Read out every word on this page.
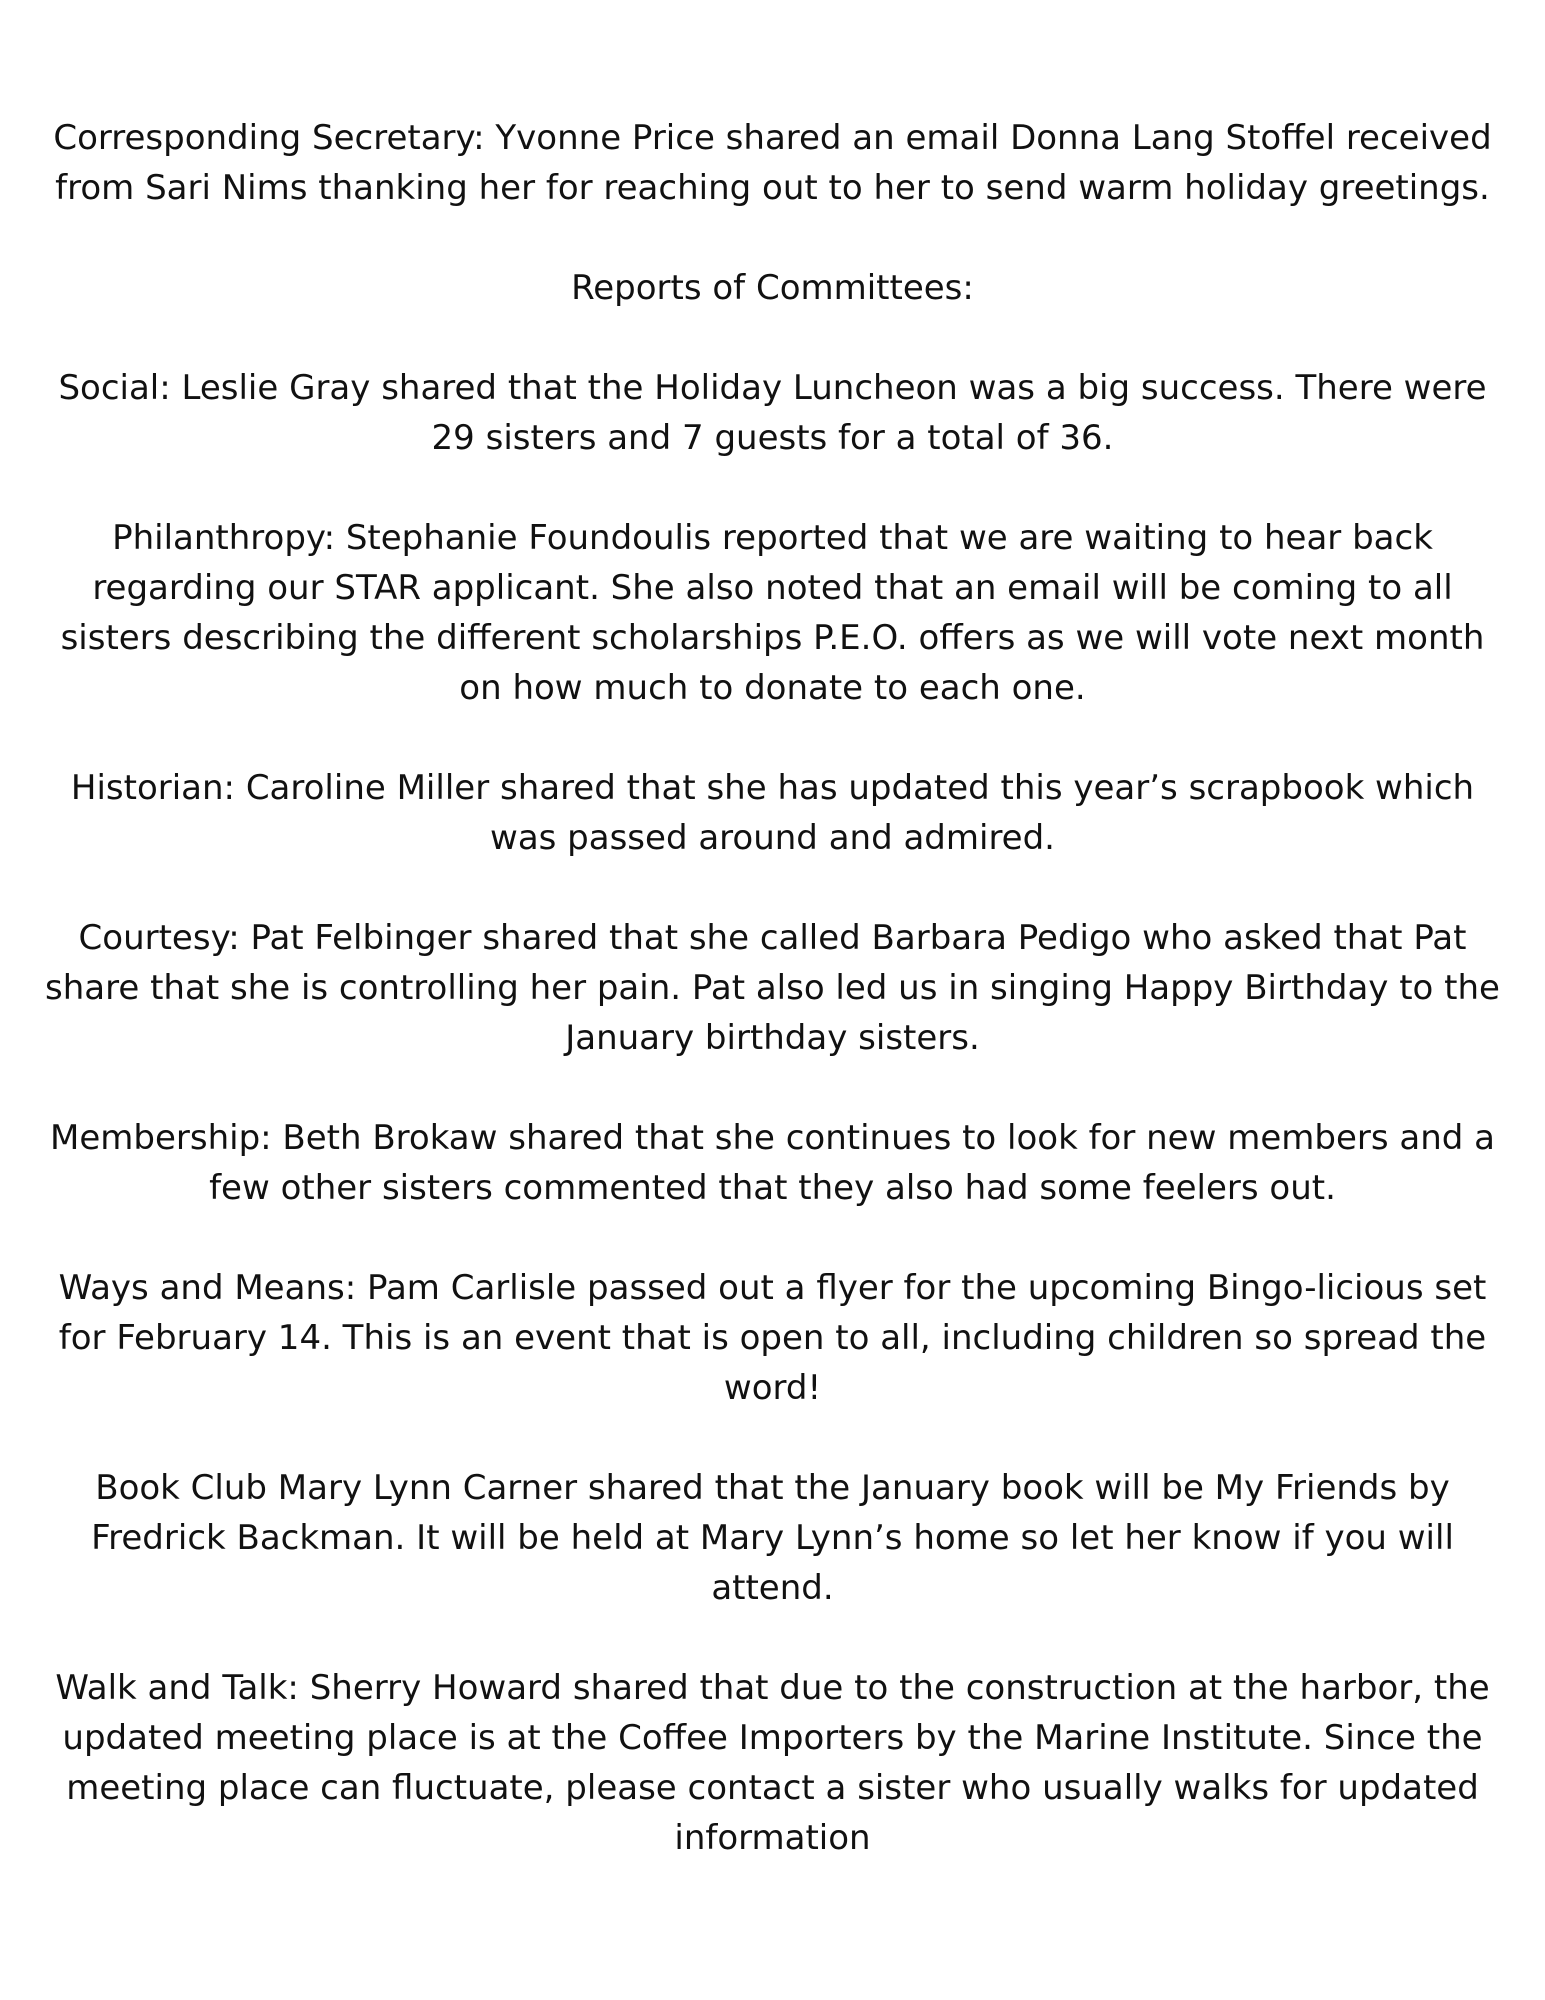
Corresponding Secretary: Yvonne Price shared an email Donna Lang Stoffel received from Sari Nims thanking her for reaching out to her to send warm holiday greetings.

Reports of Committees:

Social: Leslie Gray shared that the Holiday Luncheon was a big success. There were 29 sisters and 7 guests for a total of 36.

Philanthropy: Stephanie Foundoulis reported that we are waiting to hear back regarding our STAR applicant. She also noted that an email will be coming to all sisters describing the different scholarships P.E.O. offers as we will vote next month on how much to donate to each one.

Historian: Caroline Miller shared that she has updated this year’s scrapbook which was passed around and admired.

Courtesy: Pat Felbinger shared that she called Barbara Pedigo who asked that Pat share that she is controlling her pain. Pat also led us in singing Happy Birthday to the January birthday sisters.

Membership: Beth Brokaw shared that she continues to look for new members and a few other sisters commented that they also had some feelers out.

Ways and Means: Pam Carlisle passed out a flyer for the upcoming Bingo-licious set for February 14. This is an event that is open to all, including children so spread the word!

Book Club Mary Lynn Carner shared that the January book will be My Friends by Fredrick Backman. It will be held at Mary Lynn’s home so let her know if you will attend.

Walk and Talk: Sherry Howard shared that due to the construction at the harbor, the updated meeting place is at the Coffee Importers by the Marine Institute. Since the meeting place can fluctuate, please contact a sister who usually walks for updated information
